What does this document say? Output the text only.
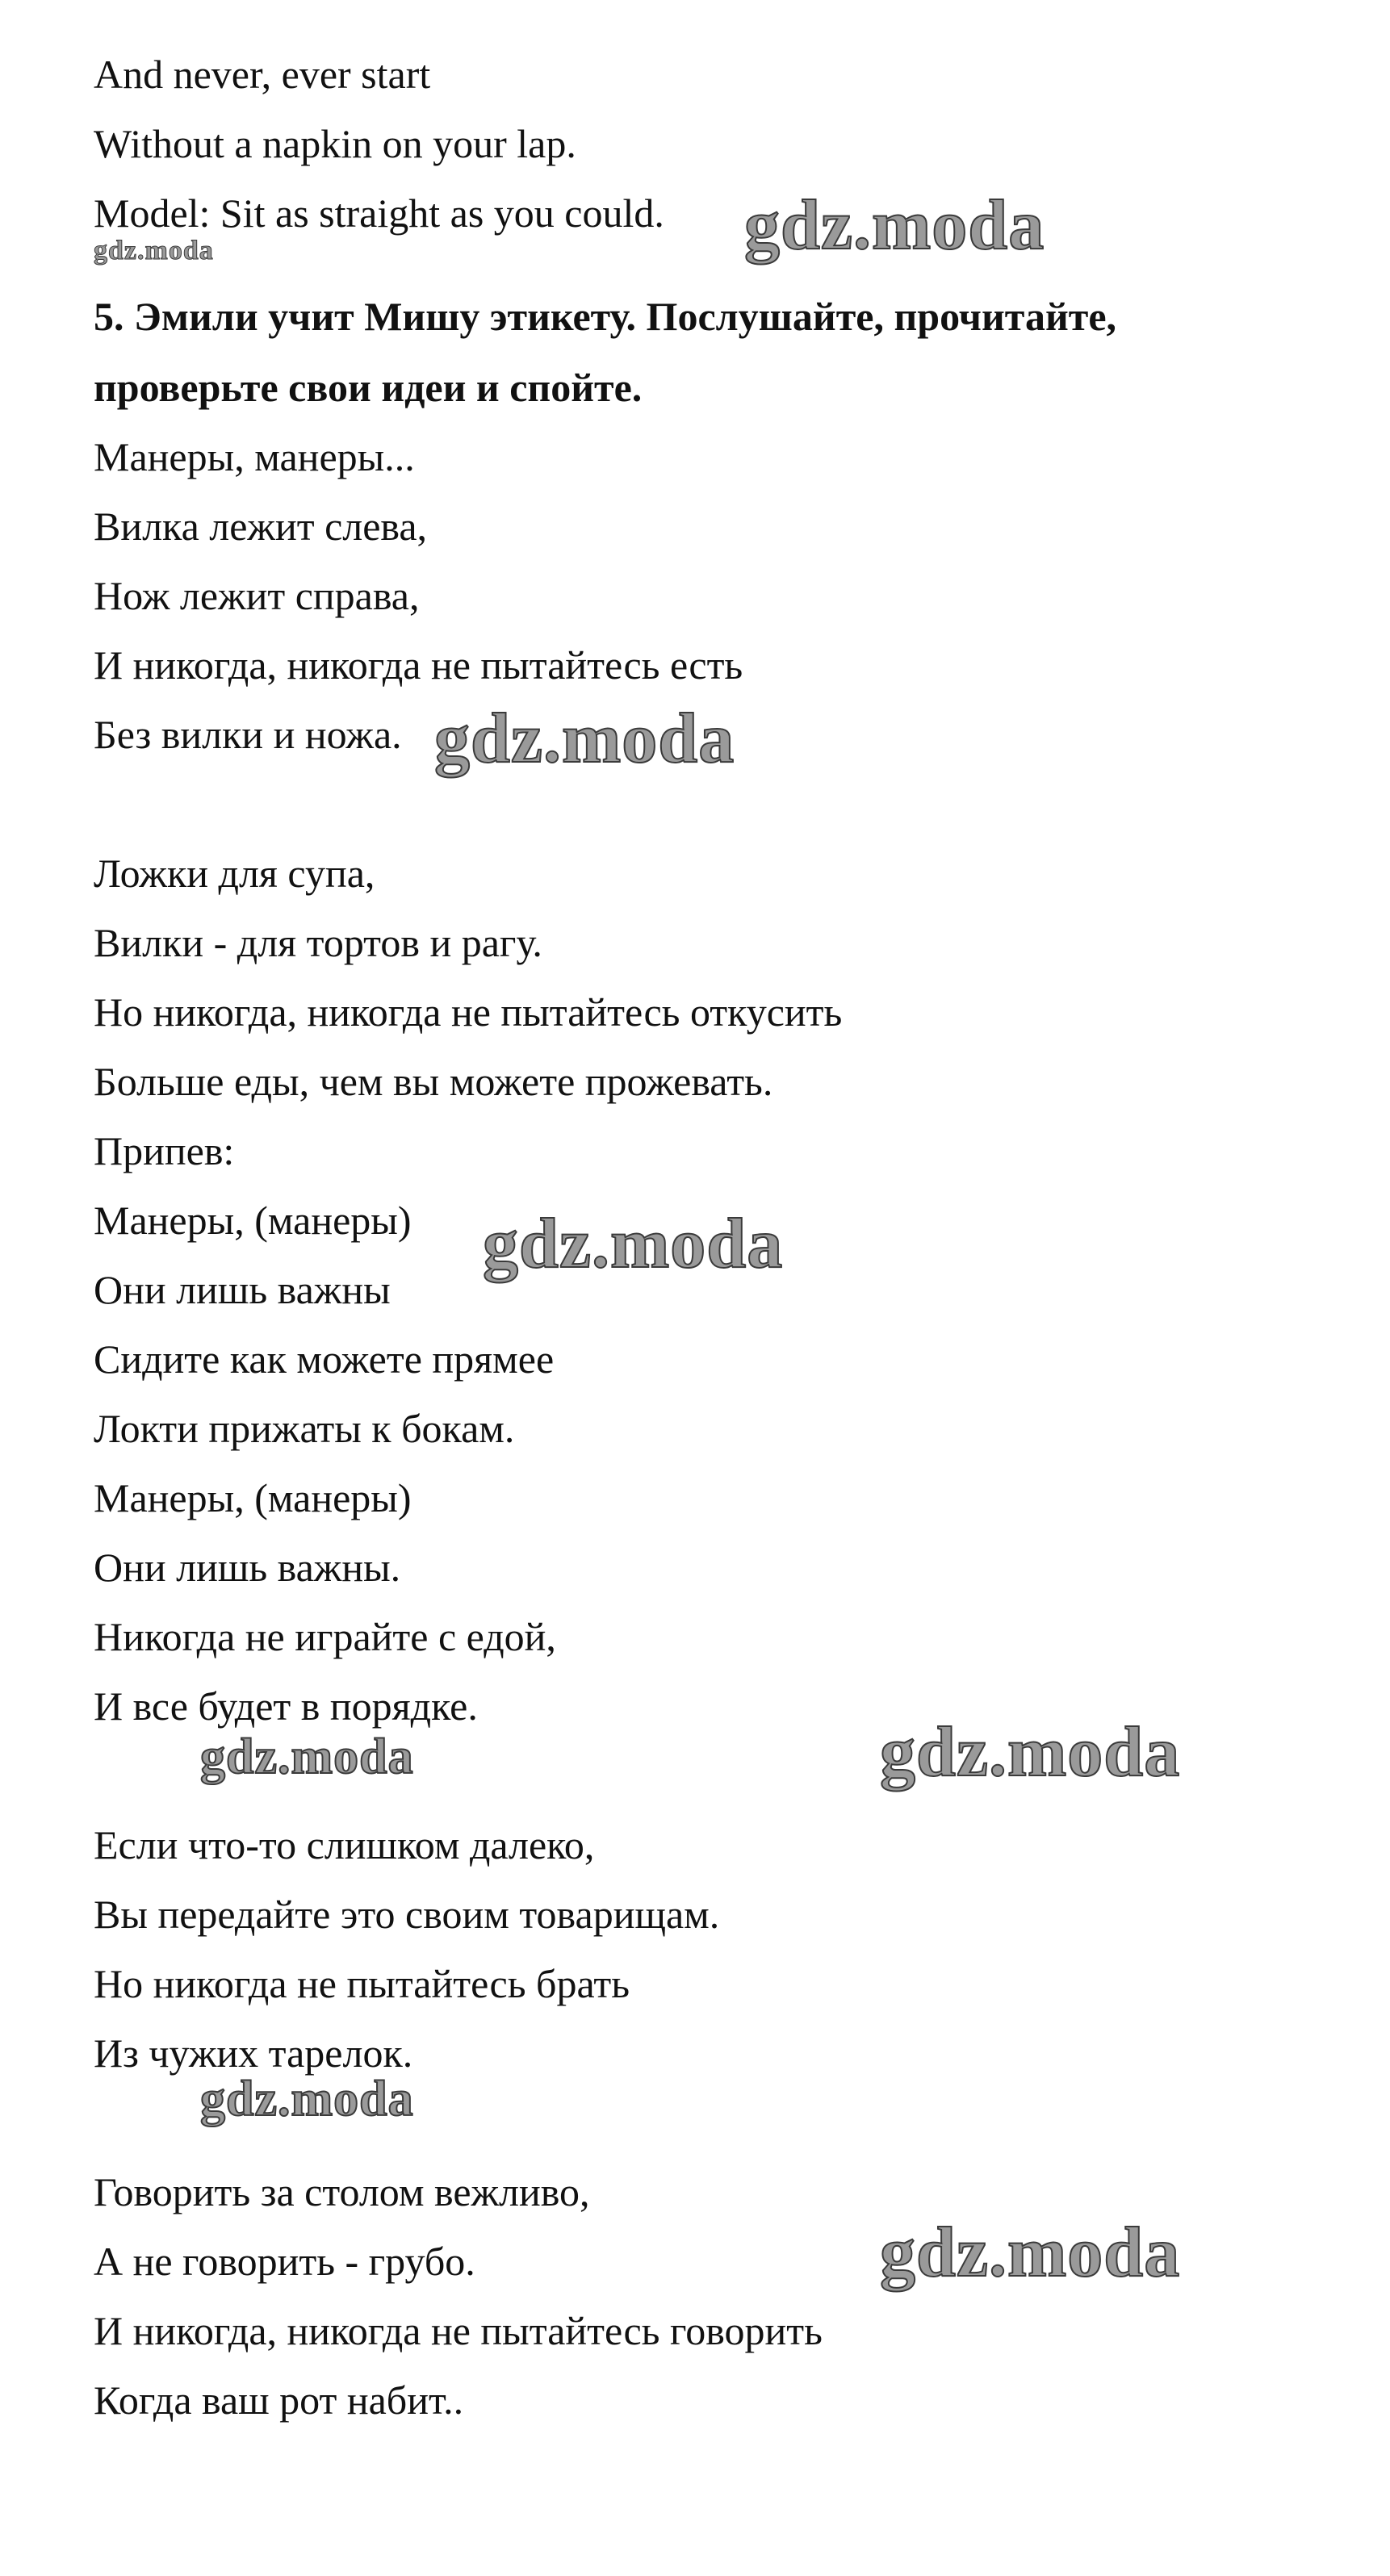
And never, ever start

Without a napkin on your lap.

Model: Sit as straight as you could.

5. Эмили учит Мишу этикету. Послушайте, прочитайте,

проверьте свои идеи и спойте.

Манеры, манеры...

Вилка лежит слева,

Нож лежит справа,

И никогда, никогда не пытайтесь есть

Без вилки и ножа.

Ложки для супа,

Вилки - для тортов и рагу.

Но никогда, никогда не пытайтесь откусить

Больше еды, чем вы можете прожевать.

Припев:

Манеры, (манеры)

Они лишь важны

Сидите как можете прямее

Локти прижаты к бокам.

Манеры, (манеры)

Они лишь важны.

Никогда не играйте с едой,

И все будет в порядке.

Если что-то слишком далеко,

Вы передайте это своим товарищам.

Но никогда не пытайтесь брать

Из чужих тарелок.

Говорить за столом вежливо,

А не говорить - грубо.

И никогда, никогда не пытайтесь говорить

Когда ваш рот набит..

gdz.moda
gdz.moda
gdz.moda
gdz.moda
gdz.moda	gdz.moda
gdz.moda
gdz.moda
